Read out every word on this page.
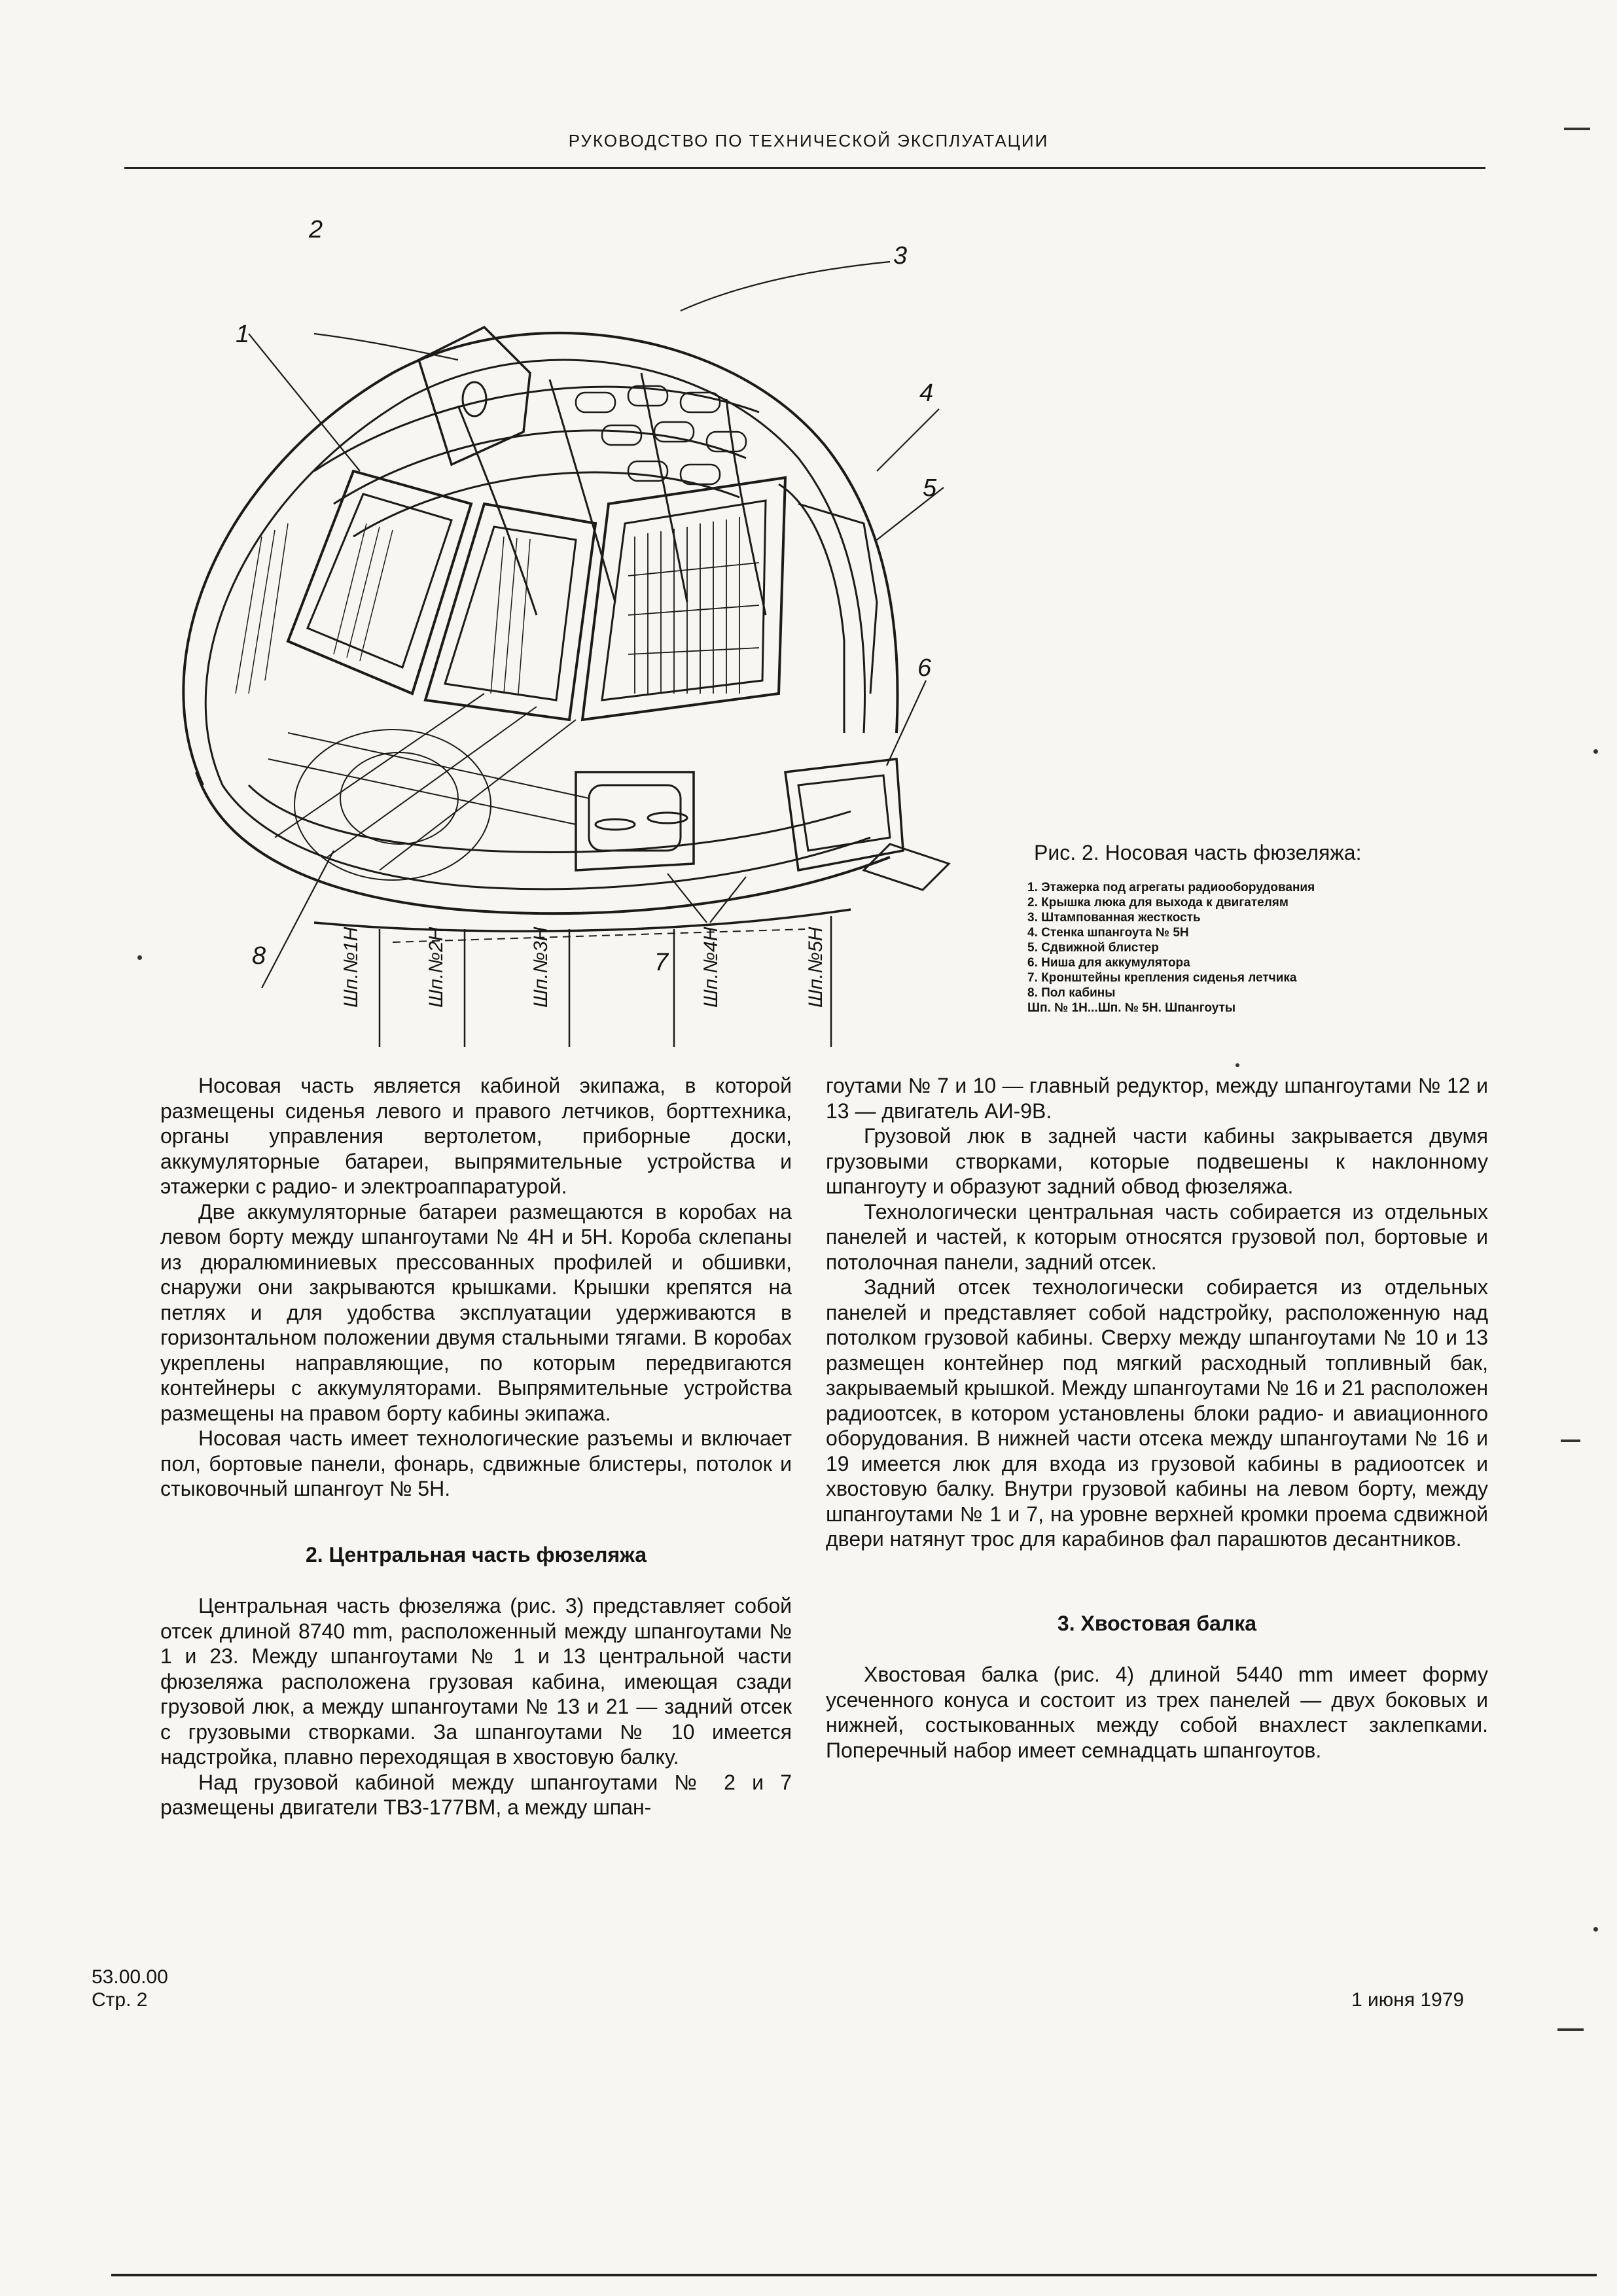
РУКОВОДСТВО ПО ТЕХНИЧЕСКОЙ ЭКСПЛУАТАЦИИ
2
3
1
4
5
6
7
8	Шп.№1Н	Шп.№2Н	Шп.№3Н	Шп.№4Н	Шп.№5Н
Рис. 2. Носовая часть фюзеляжа:
1. Этажерка под агрегаты радиооборудования
2. Крышка люка для выхода к двигателям
3. Штампованная жесткость
4. Стенка шпангоута № 5Н
5. Сдвижной блистер
6. Ниша для аккумулятора
7. Кронштейны крепления сиденья летчика
8. Пол кабины
Шп. № 1Н...Шп. № 5Н. Шпангоуты

Носовая часть является кабиной экипажа, в которой размещены сиденья левого и правого летчиков, борттехника, органы управления вертолетом, приборные доски, аккумуляторные батареи, выпрямительные устройства и этажерки с радио- и электроаппаратурой.

Две аккумуляторные батареи размещаются в коробах на левом борту между шпангоутами № 4Н и 5Н. Короба склепаны из дюралюминиевых прессованных профилей и обшивки, снаружи они закрываются крышками. Крышки крепятся на петлях и для удобства эксплуатации удерживаются в горизонтальном положении двумя стальными тягами. В коробах укреплены направляющие, по которым передвигаются контейнеры с аккумуляторами. Выпрямительные устройства размещены на правом борту кабины экипажа.

Носовая часть имеет технологические разъемы и включает пол, бортовые панели, фонарь, сдвижные блистеры, потолок и стыковочный шпангоут № 5Н.

2. Центральная часть фюзеляжа

Центральная часть фюзеляжа (рис. 3) представляет собой отсек длиной 8740 mm, расположенный между шпангоутами № 1 и 23. Между шпангоутами № 1 и 13 центральной части фюзеляжа расположена грузовая кабина, имеющая сзади грузовой люк, а между шпангоутами № 13 и 21 — задний отсек с грузовыми створками. За шпангоутами № 10 имеется надстройка, плавно переходящая в хвостовую балку.

Над грузовой кабиной между шпангоутами № 2 и 7 размещены двигатели ТВЗ-177ВМ, а между шпан-

гоутами № 7 и 10 — главный редуктор, между шпангоутами № 12 и 13 — двигатель АИ-9В.

Грузовой люк в задней части кабины закрывается двумя грузовыми створками, которые подвешены к наклонному шпангоуту и образуют задний обвод фюзеляжа.

Технологически центральная часть собирается из отдельных панелей и частей, к которым относятся грузовой пол, бортовые и потолочная панели, задний отсек.

Задний отсек технологически собирается из отдельных панелей и представляет собой надстройку, расположенную над потолком грузовой кабины. Сверху между шпангоутами № 10 и 13 размещен контейнер под мягкий расходный топливный бак, закрываемый крышкой. Между шпангоутами № 16 и 21 расположен радиоотсек, в котором установлены блоки радио- и авиационного оборудования. В нижней части отсека между шпангоутами № 16 и 19 имеется люк для входа из грузовой кабины в радиоотсек и хвостовую балку. Внутри грузовой кабины на левом борту, между шпангоутами № 1 и 7, на уровне верхней кромки проема сдвижной двери натянут трос для карабинов фал парашютов десантников.

3. Хвостовая балка

Хвостовая балка (рис. 4) длиной 5440 mm имеет форму усеченного конуса и состоит из трех панелей — двух боковых и нижней, состыкованных между собой внахлест заклепками. Поперечный набор имеет семнадцать шпангоутов.

53.00.00
Стр. 2	1 июня 1979
